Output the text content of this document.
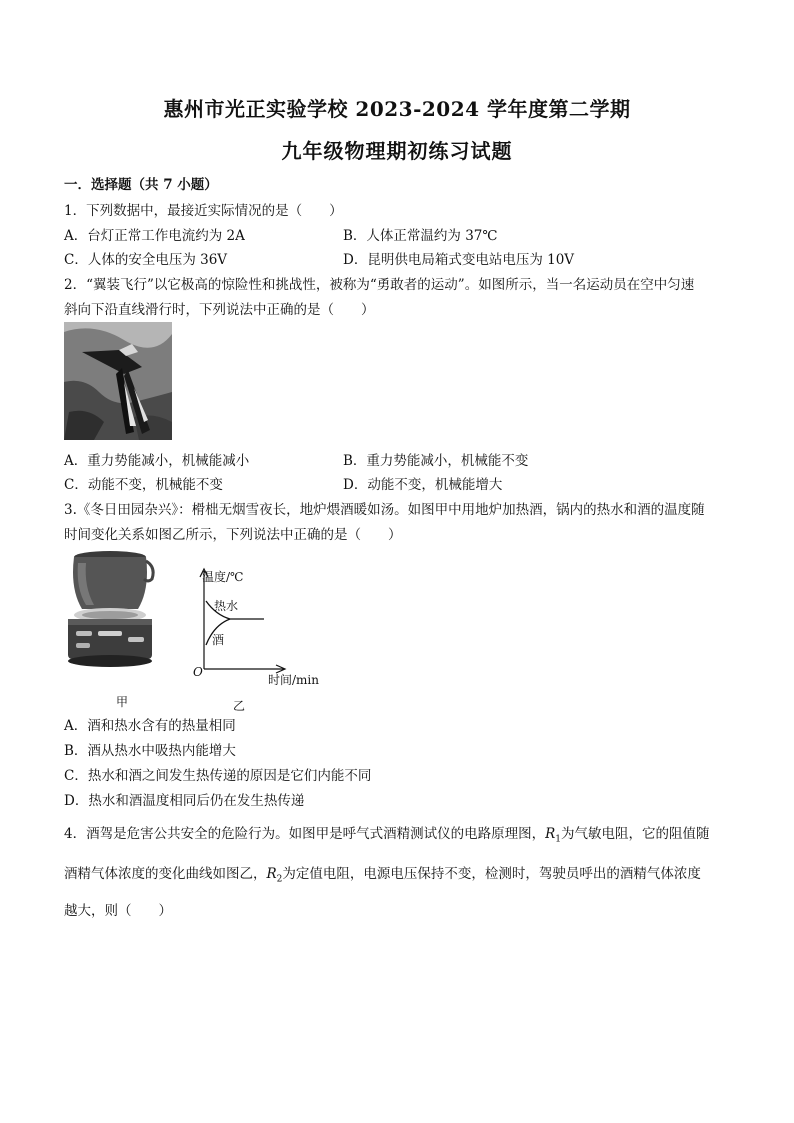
惠州市光正实验学校 2023-2024 学年度第二学期
九年级物理期初练习试题
一．选择题（共 7 小题）
1．下列数据中，最接近实际情况的是（　　）
A．台灯正常工作电流约为 2A	B．人体正常温约为 37℃
C．人体的安全电压为 36V	D．昆明供电局箱式变电站电压为 10V
2．“翼装飞行”以它极高的惊险性和挑战性，被称为“勇敢者的运动”。如图所示，当一名运动员在空中匀速
斜向下沿直线滑行时，下列说法中正确的是（　　）
A．重力势能减小，机械能减小	B．重力势能减小，机械能不变
C．动能不变，机械能不变	D．动能不变，机械能增大
3.《冬日田园杂兴》：榾柮无烟雪夜长，地炉煨酒暖如汤。如图甲中用地炉加热酒，锅内的热水和酒的温度随
时间变化关系如图乙所示，下列说法中正确的是（　　）
温度/℃
热水
酒
O
时间/min
甲	乙
A．酒和热水含有的热量相同
B．酒从热水中吸热内能增大
C．热水和酒之间发生热传递的原因是它们内能不同
D．热水和酒温度相同后仍在发生热传递
4．酒驾是危害公共安全的危险行为。如图甲是呼气式酒精测试仪的电路原理图，$R_1$为气敏电阻，它的阻值随
酒精气体浓度的变化曲线如图乙，$R_2$为定值电阻，电源电压保持不变，检测时，驾驶员呼出的酒精气体浓度
越大，则（　　）
